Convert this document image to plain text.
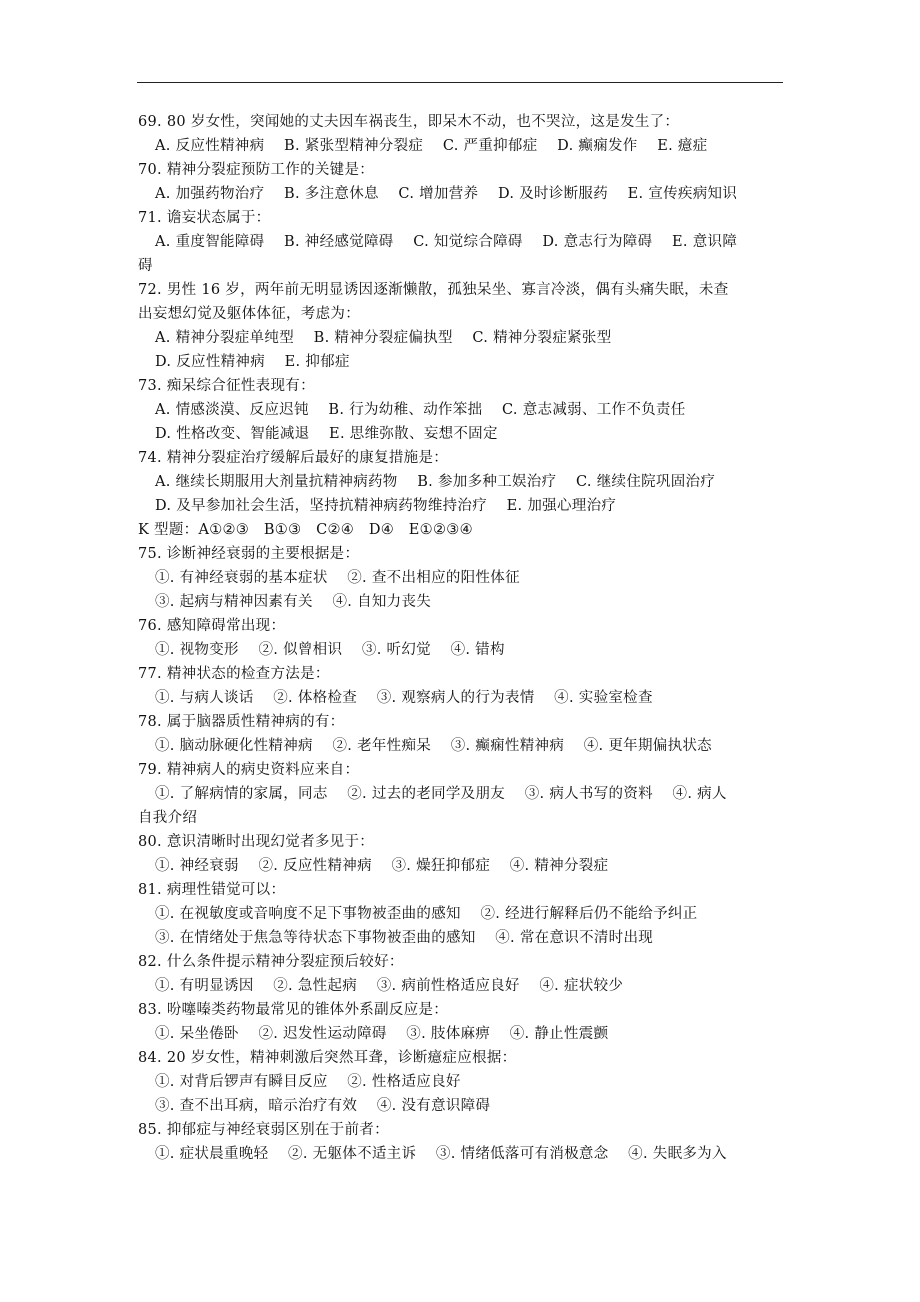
69. 80 岁女性，突闻她的丈夫因车祸丧生，即呆木不动，也不哭泣，这是发生了：
A. 反应性精神病    B. 紧张型精神分裂症    C. 严重抑郁症    D. 癫痫发作    E. 癔症
70. 精神分裂症预防工作的关键是：
A. 加强药物治疗    B. 多注意休息    C. 增加营养    D. 及时诊断服药    E. 宣传疾病知识
71. 谵妄状态属于：
A. 重度智能障碍    B. 神经感觉障碍    C. 知觉综合障碍    D. 意志行为障碍    E. 意识障
碍
72. 男性 16 岁，两年前无明显诱因逐渐懒散，孤独呆坐、寡言冷淡，偶有头痛失眠，未查
出妄想幻觉及躯体体征，考虑为：
A. 精神分裂症单纯型    B. 精神分裂症偏执型    C. 精神分裂症紧张型
D. 反应性精神病    E. 抑郁症
73. 痴呆综合征性表现有：
A. 情感淡漠、反应迟钝    B. 行为幼稚、动作笨拙    C. 意志减弱、工作不负责任
D. 性格改变、智能减退    E. 思维弥散、妄想不固定
74. 精神分裂症治疗缓解后最好的康复措施是：
A. 继续长期服用大剂量抗精神病药物    B. 参加多种工娱治疗    C. 继续住院巩固治疗
D. 及早参加社会生活，坚持抗精神病药物维持治疗    E. 加强心理治疗
K 型题：A①②③   B①③   C②④   D④   E①②③④
75. 诊断神经衰弱的主要根据是：
①. 有神经衰弱的基本症状    ②. 查不出相应的阳性体征
③. 起病与精神因素有关    ④. 自知力丧失
76. 感知障碍常出现：
①. 视物变形    ②. 似曾相识    ③. 听幻觉    ④. 错构
77. 精神状态的检查方法是：
①. 与病人谈话    ②. 体格检查    ③. 观察病人的行为表情    ④. 实验室检查
78. 属于脑器质性精神病的有：
①. 脑动脉硬化性精神病    ②. 老年性痴呆    ③. 癫痫性精神病    ④. 更年期偏执状态
79. 精神病人的病史资料应来自：
①. 了解病情的家属，同志    ②. 过去的老同学及朋友    ③. 病人书写的资料    ④. 病人
自我介绍
80. 意识清晰时出现幻觉者多见于：
①. 神经衰弱    ②. 反应性精神病    ③. 燥狂抑郁症    ④. 精神分裂症
81. 病理性错觉可以：
①. 在视敏度或音响度不足下事物被歪曲的感知    ②. 经进行解释后仍不能给予纠正
③. 在情绪处于焦急等待状态下事物被歪曲的感知    ④. 常在意识不清时出现
82. 什么条件提示精神分裂症预后较好：
①. 有明显诱因    ②. 急性起病    ③. 病前性格适应良好    ④. 症状较少
83. 吩噻嗪类药物最常见的锥体外系副反应是：
①. 呆坐倦卧    ②. 迟发性运动障碍    ③. 肢体麻痹    ④. 静止性震颤
84. 20 岁女性，精神刺激后突然耳聋，诊断癔症应根据：
①. 对背后锣声有瞬目反应    ②. 性格适应良好
③. 查不出耳病，暗示治疗有效    ④. 没有意识障碍
85. 抑郁症与神经衰弱区别在于前者：
①. 症状晨重晚轻    ②. 无躯体不适主诉    ③. 情绪低落可有消极意念    ④. 失眠多为入
